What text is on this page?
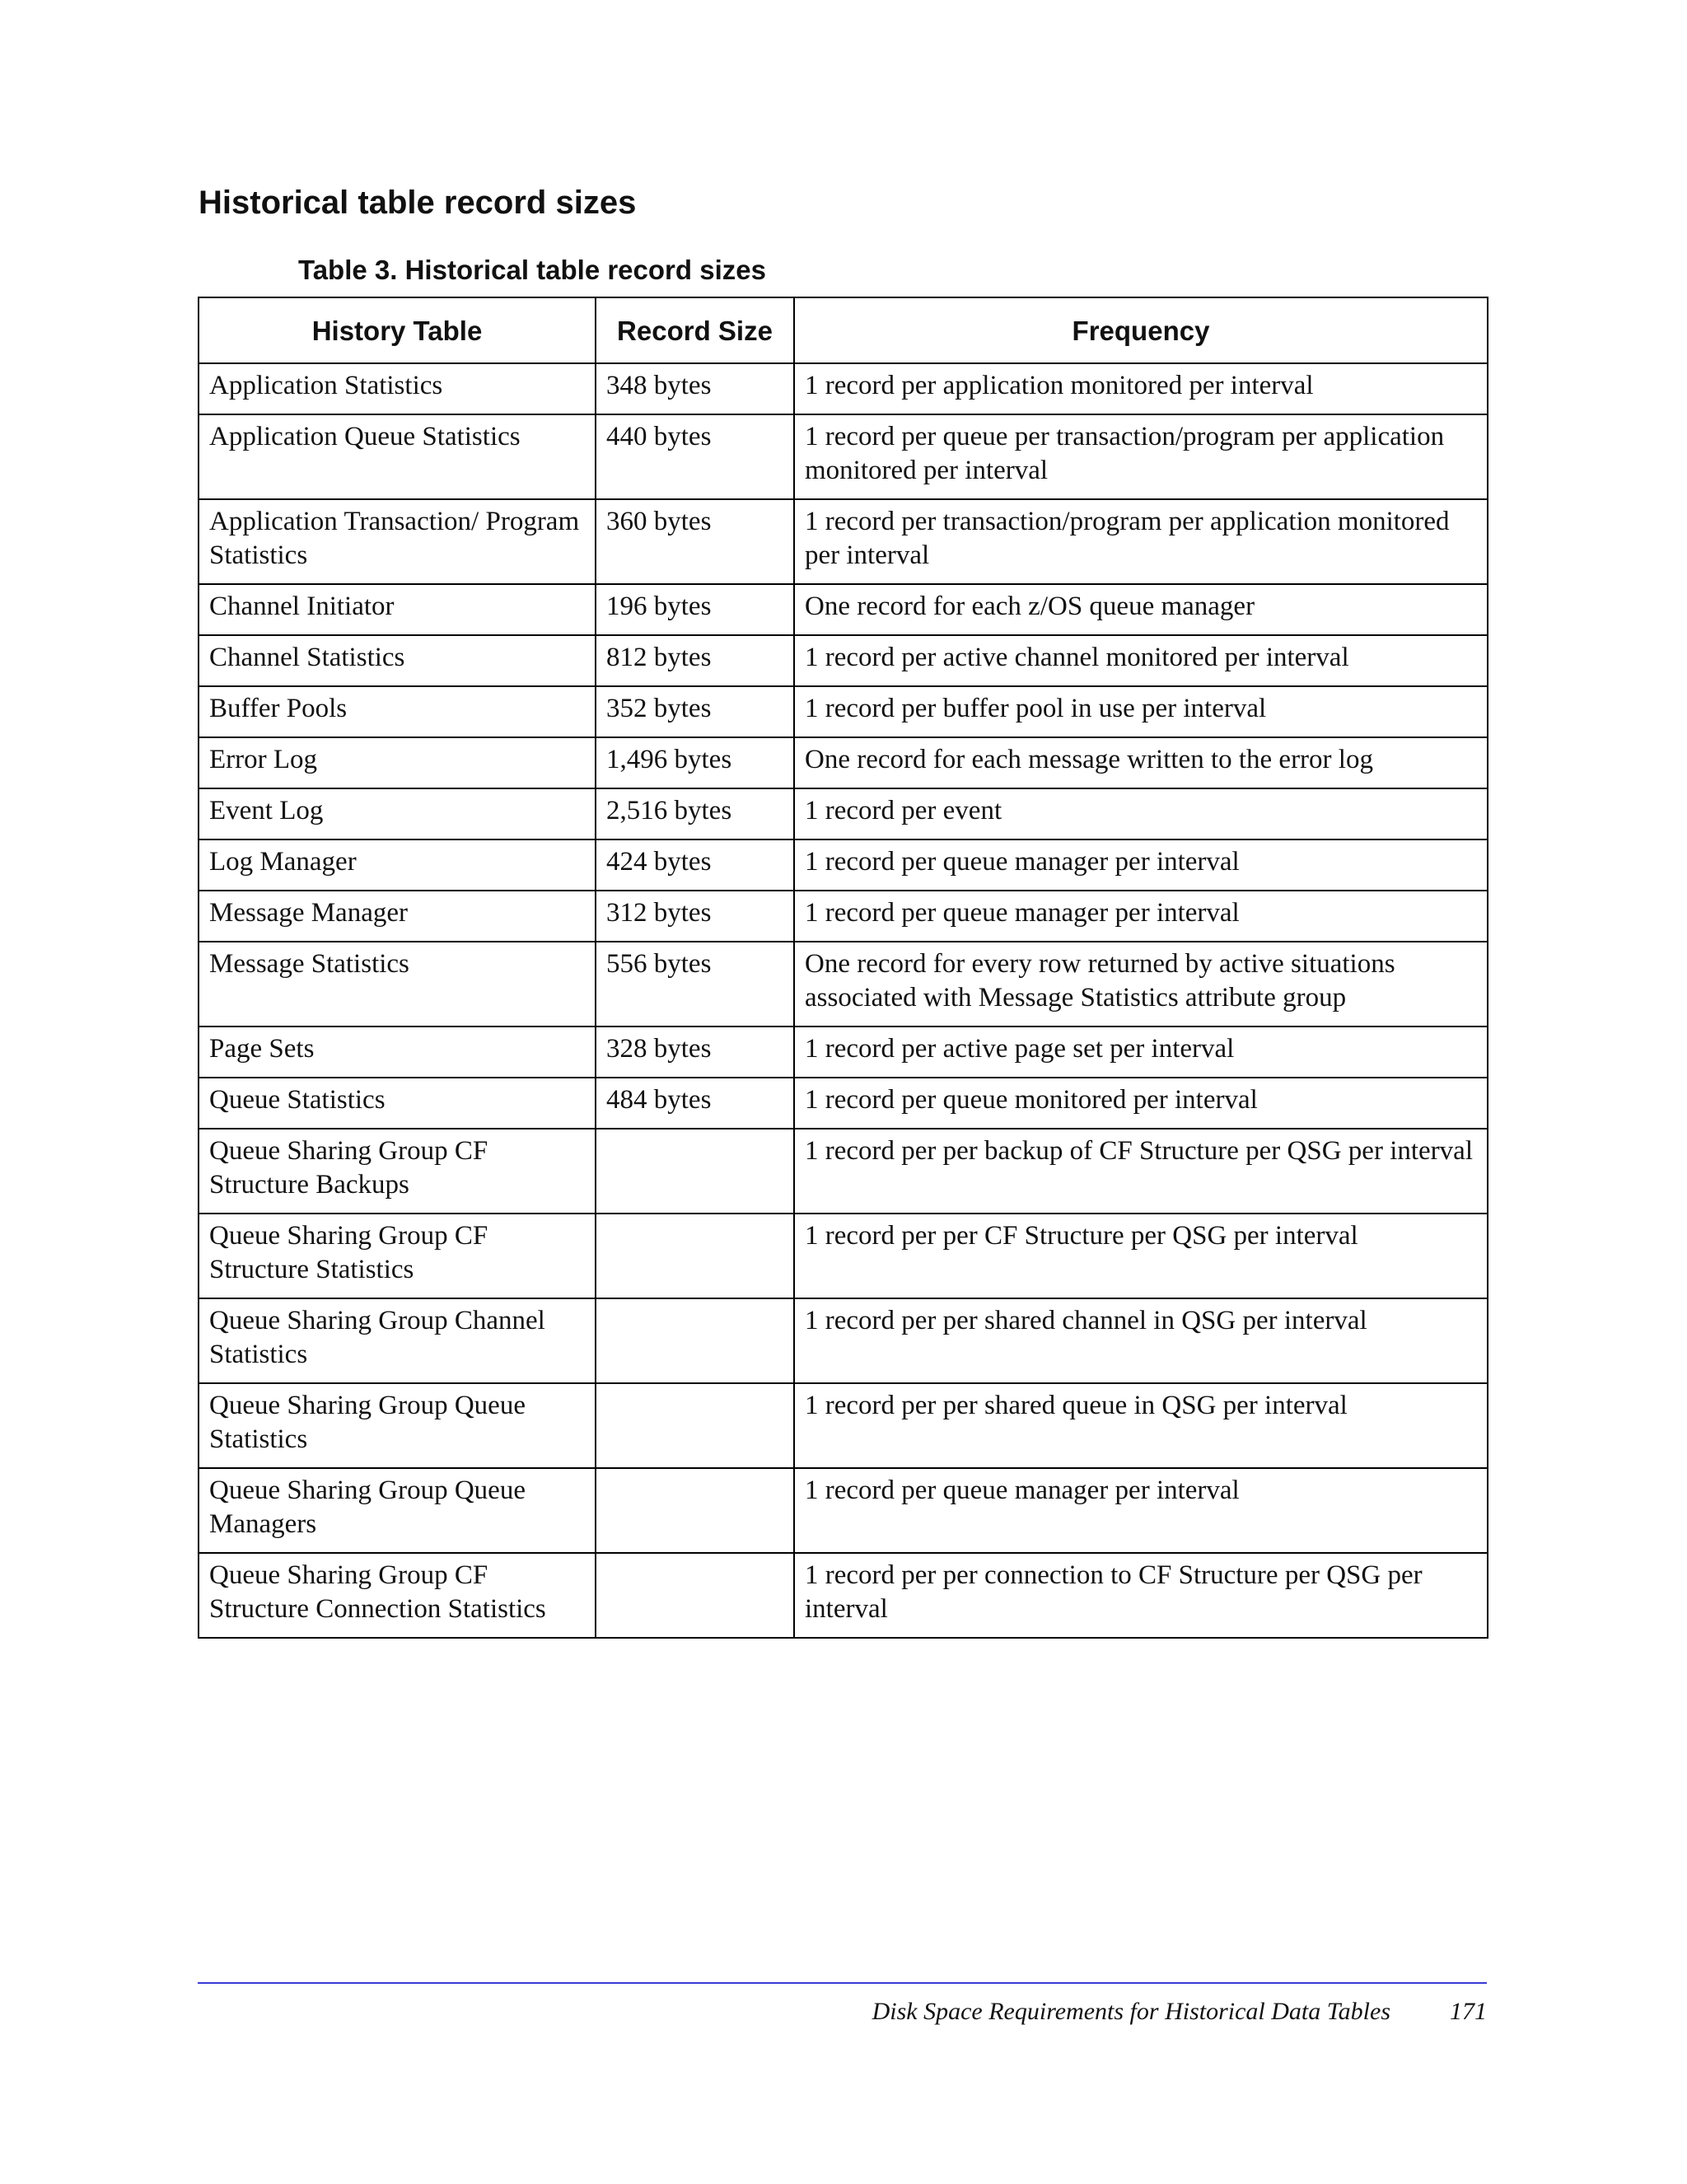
Historical table record sizes
Table 3. Historical table record sizes
History Table	Record Size	Frequency
Application Statistics	348 bytes	1 record per application monitored per interval
Application Queue Statistics	440 bytes	1 record per queue per transaction/program per application monitored per interval
Application Transaction/ Program Statistics	360 bytes	1 record per transaction/program per application monitored per interval
Channel Initiator	196 bytes	One record for each z/OS queue manager
Channel Statistics	812 bytes	1 record per active channel monitored per interval
Buffer Pools	352 bytes	1 record per buffer pool in use per interval
Error Log	1,496 bytes	One record for each message written to the error log
Event Log	2,516 bytes	1 record per event
Log Manager	424 bytes	1 record per queue manager per interval
Message Manager	312 bytes	1 record per queue manager per interval
Message Statistics	556 bytes	One record for every row returned by active situations associated with Message Statistics attribute group
Page Sets	328 bytes	1 record per active page set per interval
Queue Statistics	484 bytes	1 record per queue monitored per interval
Queue Sharing Group CF Structure Backups		1 record per per backup of CF Structure per QSG per interval
Queue Sharing Group CF Structure Statistics		1 record per per CF Structure per QSG per interval
Queue Sharing Group Channel Statistics		1 record per per shared channel in QSG per interval
Queue Sharing Group Queue Statistics		1 record per per shared queue in QSG per interval
Queue Sharing Group Queue Managers		1 record per queue manager per interval
Queue Sharing Group CF Structure Connection Statistics		1 record per per connection to CF Structure per QSG per interval
Disk Space Requirements for Historical Data Tables 171
